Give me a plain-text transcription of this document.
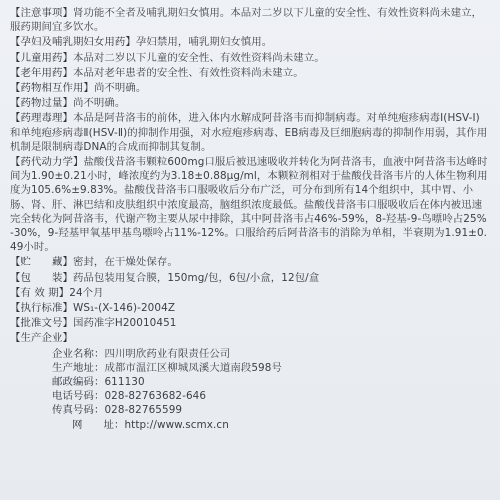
【注意事项】肾功能不全者及哺乳期妇女慎用。本品对二岁以下儿童的安全性、有效性资料尚未建立，服药期间宜多饮水。

【孕妇及哺乳期妇女用药】孕妇禁用，哺乳期妇女慎用。

【儿童用药】本品对二岁以下儿童的安全性、有效性资料尚未建立。

【老年用药】本品对老年患者的安全性、有效性资料尚未建立。

【药物相互作用】尚不明确。

【药物过量】尚不明确。

【药理毒理】本品是阿昔洛韦的前体，进入体内水解成阿昔洛韦而抑制病毒。对单纯疱疹病毒Ⅰ(HSV-Ⅰ)和单纯疱疹病毒Ⅱ(HSV-Ⅱ)的抑制作用强，对水痘疱疹病毒、EB病毒及巨细胞病毒的抑制作用弱，其作用机制是限制病毒DNA的合成而抑制其复制。

【药代动力学】盐酸伐昔洛韦颗粒600mg口服后被迅速吸收并转化为阿昔洛韦，血液中阿昔洛韦达峰时间为1.90±0.21小时，峰浓度约为3.18±0.88μg/ml，本颗粒剂相对于盐酸伐昔洛韦片的人体生物利用度为105.6%±9.83%。盐酸伐昔洛韦口服吸收后分布广泛，可分布到所有14个组织中，其中胃、小肠、肾、肝、淋巴结和皮肤组织中浓度最高，脑组织浓度最低。盐酸伐昔洛韦口服吸收后在体内被迅速完全转化为阿昔洛韦，代谢产物主要从尿中排除，其中阿昔洛韦占46%-59%，8-羟基-9-鸟嘌呤占25%-30%，9-羟基甲氧基甲基鸟嘌呤占11%-12%。口服给药后阿昔洛韦的消除为单相，半衰期为1.91±0.49小时。

【贮　　藏】密封，在干燥处保存。

【包　　装】药品包装用复合膜，150mg/包，6包/小盒，12包/盒

【有 效 期】24个月

【执行标准】WS₁-(X-146)-2004Z

【批准文号】国药准字H20010451

【生产企业】

企业名称：四川明欣药业有限责任公司
生产地址：成都市温江区柳城凤溪大道南段598号
邮政编码：611130
电话号码：028-82763682-646
传真号码：028-82765599
网　　址：http://www.scmx.cn
